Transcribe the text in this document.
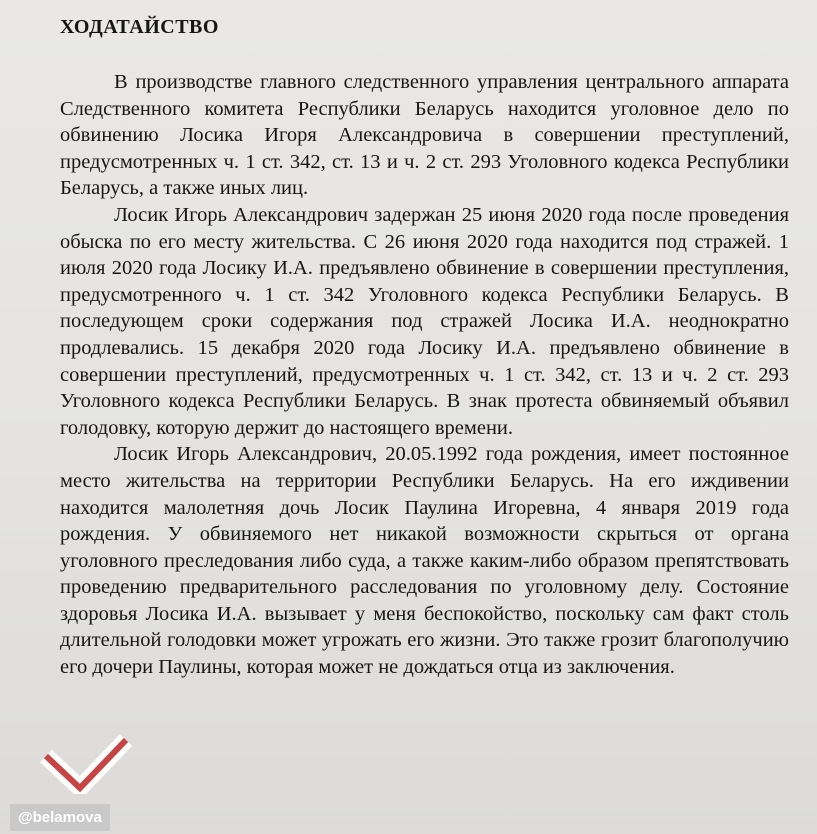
ХОДАТАЙСТВО

В производстве главного следственного управления центрального аппарата Следственного комитета Республики Беларусь находится уголовное дело по обвинению Лосика Игоря Александровича в совершении преступлений, предусмотренных ч. 1 ст. 342, ст. 13 и ч. 2 ст. 293 Уголовного кодекса Республики Беларусь, а также иных лиц.

Лосик Игорь Александрович задержан 25 июня 2020 года после проведения обыска по его месту жительства. С 26 июня 2020 года находится под стражей. 1 июля 2020 года Лосику И.А. предъявлено обвинение в совершении преступления, предусмотренного ч. 1 ст. 342 Уголовного кодекса Республики Беларусь. В последующем сроки содержания под стражей Лосика И.А. неоднократно продлевались. 15 декабря 2020 года Лосику И.А. предъявлено обвинение в совершении преступлений, предусмотренных ч. 1 ст. 342, ст. 13 и ч. 2 ст. 293 Уголовного кодекса Республики Беларусь. В знак протеста обвиняемый объявил голодовку, которую держит до настоящего времени.

Лосик Игорь Александрович, 20.05.1992 года рождения, имеет постоянное место жительства на территории Республики Беларусь. На его иждивении находится малолетняя дочь Лосик Паулина Игоревна, 4 января 2019 года рождения. У обвиняемого нет никакой возможности скрыться от органа уголовного преследования либо суда, а также каким-либо образом препятствовать проведению предварительного расследования по уголовному делу. Состояние здоровья Лосика И.А. вызывает у меня беспокойство, поскольку сам факт столь длительной голодовки может угрожать его жизни. Это также грозит благополучию его дочери Паулины, которая может не дождаться отца из заключения.

@belamova
